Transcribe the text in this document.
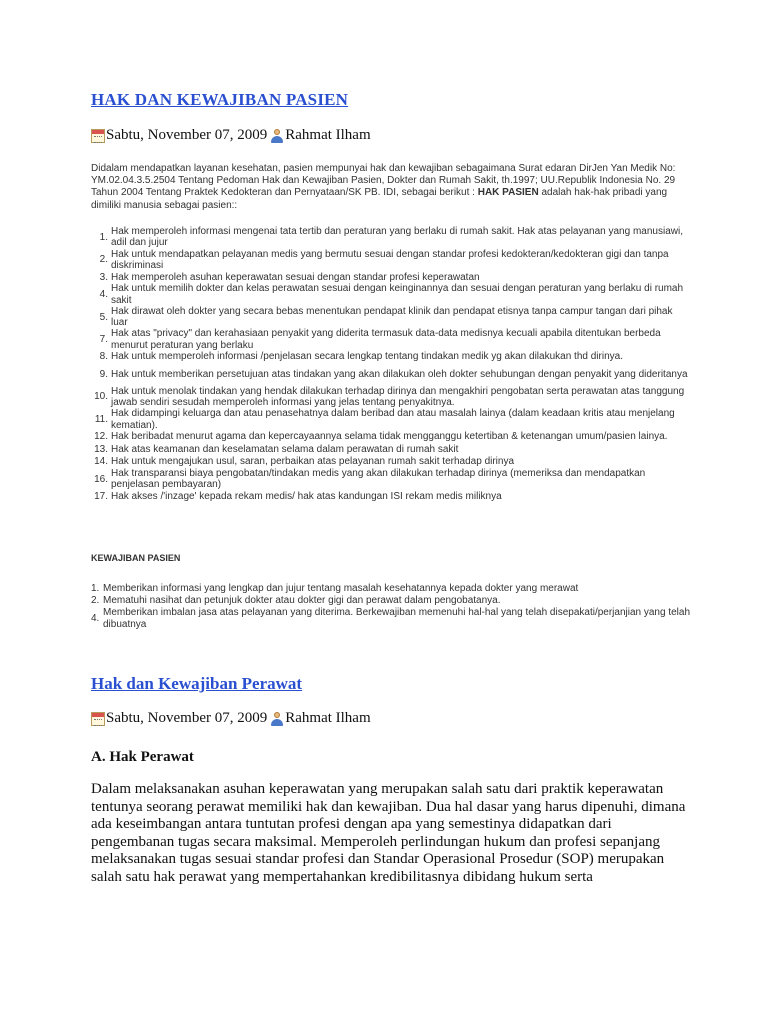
HAK DAN KEWAJIBAN PASIEN
Sabtu, November 07, 2009 Rahmat Ilham

Didalam mendapatkan layanan kesehatan, pasien mempunyai hak dan kewajiban sebagaimana Surat edaran DirJen Yan Medik No: YM.02.04.3.5.2504 Tentang Pedoman Hak dan Kewajiban Pasien, Dokter dan Rumah Sakit, th.1997; UU.Republik Indonesia No. 29 Tahun 2004 Tentang Praktek Kedokteran dan Pernyataan/SK PB. IDI, sebagai berikut : HAK PASIEN adalah hak-hak pribadi yang dimiliki manusia sebagai pasien::

1.
Hak memperoleh informasi mengenai tata tertib dan peraturan yang berlaku di rumah sakit. Hak atas pelayanan yang manusiawi, adil dan jujur
2.
Hak untuk mendapatkan pelayanan medis yang bermutu sesuai dengan standar profesi kedokteran/kedokteran gigi dan tanpa diskriminasi
3. Hak memperoleh asuhan keperawatan sesuai dengan standar profesi keperawatan
4.
Hak untuk memilih dokter dan kelas perawatan sesuai dengan keinginannya dan sesuai dengan peraturan yang berlaku di rumah sakit
5.
Hak dirawat oleh dokter yang secara bebas menentukan pendapat klinik dan pendapat etisnya tanpa campur tangan dari pihak luar
7.
Hak atas "privacy" dan kerahasiaan penyakit yang diderita termasuk data-data medisnya kecuali apabila ditentukan berbeda menurut peraturan yang berlaku
8. Hak untuk memperoleh informasi /penjelasan secara lengkap tentang tindakan medik yg akan dilakukan thd dirinya.
9. Hak untuk memberikan persetujuan atas tindakan yang akan dilakukan oleh dokter sehubungan dengan penyakit yang dideritanya
10.
Hak untuk menolak tindakan yang hendak dilakukan terhadap dirinya dan mengakhiri pengobatan serta perawatan atas tanggung jawab sendiri sesudah memperoleh informasi yang jelas tentang penyakitnya.
11.
Hak didampingi keluarga dan atau penasehatnya dalam beribad dan atau masalah lainya (dalam keadaan kritis atau menjelang kematian).
12. Hak beribadat menurut agama dan kepercayaannya selama tidak mengganggu ketertiban & ketenangan umum/pasien lainya.
13. Hak atas keamanan dan keselamatan selama dalam perawatan di rumah sakit
14. Hak untuk mengajukan usul, saran, perbaikan atas pelayanan rumah sakit terhadap dirinya
16.
Hak transparansi biaya pengobatan/tindakan medis yang akan dilakukan terhadap dirinya (memeriksa dan mendapatkan penjelasan pembayaran)
17. Hak akses /'inzage' kepada rekam medis/ hak atas kandungan ISI rekam medis miliknya
KEWAJIBAN PASIEN
1. Memberikan informasi yang lengkap dan jujur tentang masalah kesehatannya kepada dokter yang merawat
2. Mematuhi nasihat dan petunjuk dokter atau dokter gigi dan perawat dalam pengobatanya.
4.
Memberikan imbalan jasa atas pelayanan yang diterima. Berkewajiban memenuhi hal-hal yang telah disepakati/perjanjian yang telah dibuatnya
Hak dan Kewajiban Perawat
Sabtu, November 07, 2009 Rahmat Ilham
A. Hak Perawat

Dalam melaksanakan asuhan keperawatan yang merupakan salah satu dari praktik keperawatan tentunya seorang perawat memiliki hak dan kewajiban. Dua hal dasar yang harus dipenuhi, dimana ada keseimbangan antara tuntutan profesi dengan apa yang semestinya didapatkan dari pengembanan tugas secara maksimal. Memperoleh perlindungan hukum dan profesi sepanjang melaksanakan tugas sesuai standar profesi dan Standar Operasional Prosedur (SOP) merupakan salah satu hak perawat yang mempertahankan kredibilitasnya dibidang hukum serta
